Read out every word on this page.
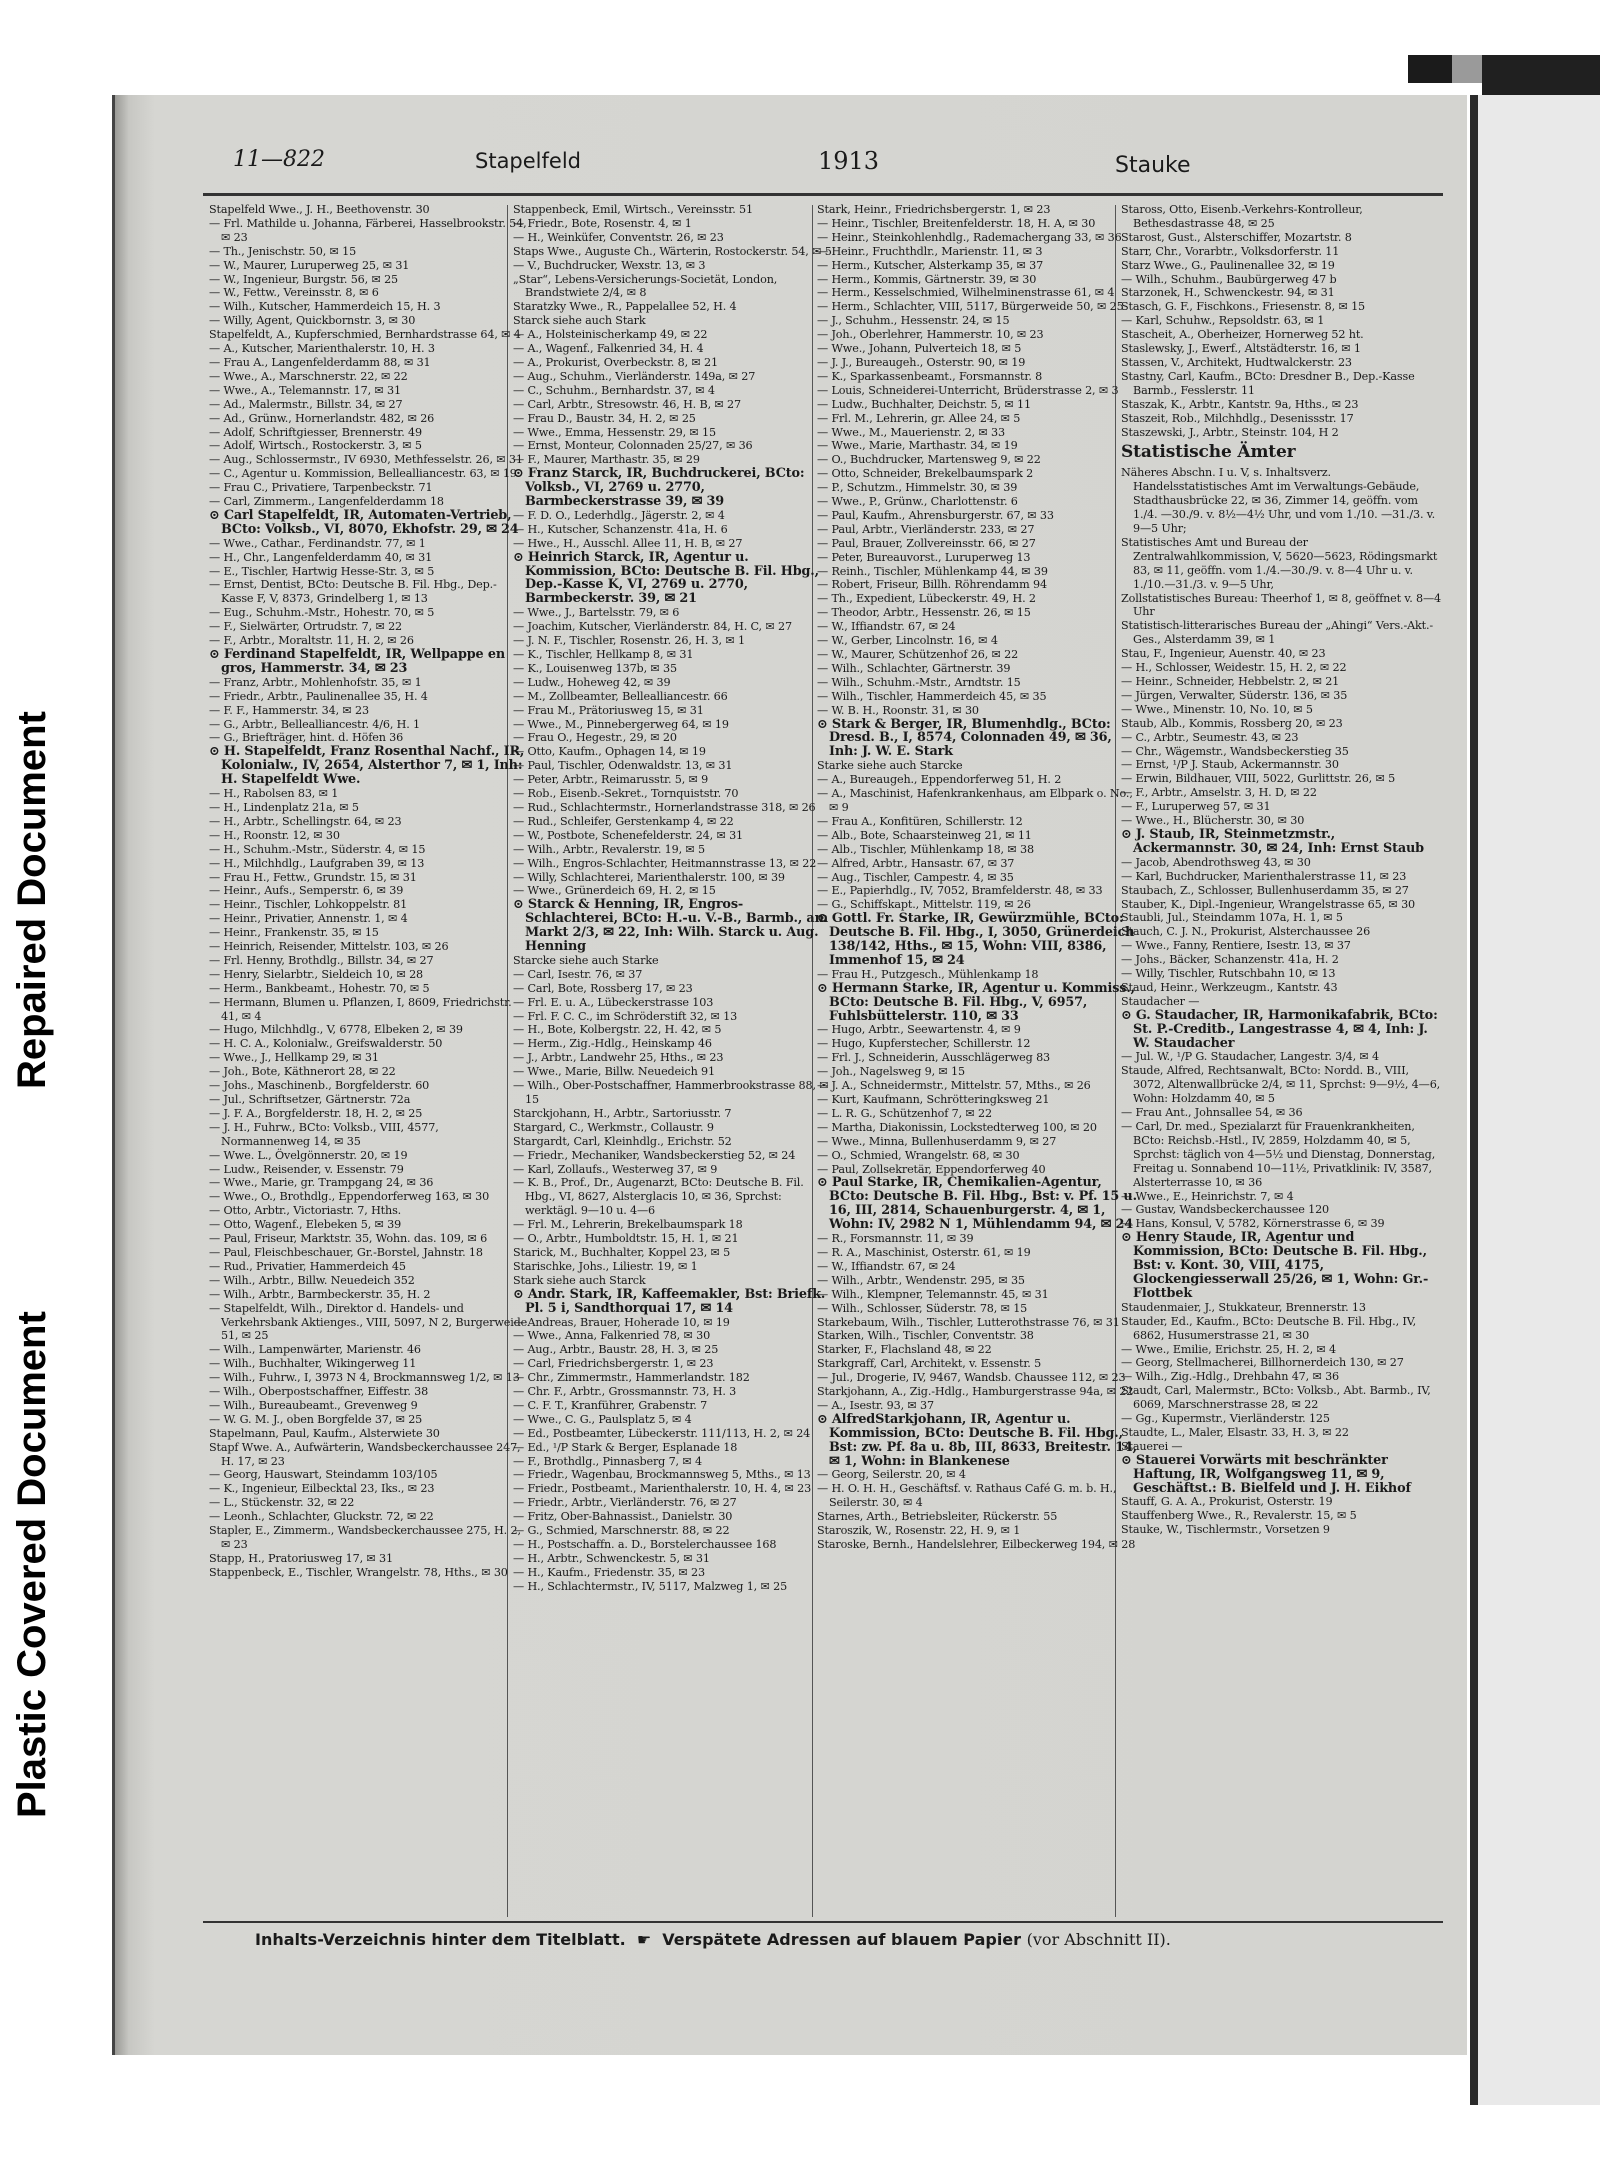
Plastic Covered Document
Repaired Document
11—822	Stapelfeld	1913	Stauke

Stapelfeld Wwe., J. H., Beethovenstr. 30

— Frl. Mathilde u. Johanna, Färberei, Hasselbrookstr. 54, ✉ 23

— Th., Jenischstr. 50, ✉ 15

— W., Maurer, Luruperweg 25, ✉ 31

— W., Ingenieur, Burgstr. 56, ✉ 25

— W., Fettw., Vereinsstr. 8, ✉ 6

— Wilh., Kutscher, Hammerdeich 15, H. 3

— Willy, Agent, Quickbornstr. 3, ✉ 30

Stapelfeldt, A., Kupferschmied, Bernhardstrasse 64, ✉ 4

— A., Kutscher, Marienthalerstr. 10, H. 3

— Frau A., Langenfelderdamm 88, ✉ 31

— Wwe., A., Marschnerstr. 22, ✉ 22

— Wwe., A., Telemannstr. 17, ✉ 31

— Ad., Malermstr., Billstr. 34, ✉ 27

— Ad., Grünw., Hornerlandstr. 482, ✉ 26

— Adolf, Schriftgiesser, Brennerstr. 49

— Adolf, Wirtsch., Rostockerstr. 3, ✉ 5

— Aug., Schlossermstr., IV 6930, Methfesselstr. 26, ✉ 31

— C., Agentur u. Kommission, Bellealliancestr. 63, ✉ 19

— Frau C., Privatiere, Tarpenbeckstr. 71

— Carl, Zimmerm., Langenfelderdamm 18

⊙ Carl Stapelfeldt, IR, Automaten-Vertrieb, BCto: Volksb., VI, 8070, Ekhofstr. 29, ✉ 24

— Wwe., Cathar., Ferdinandstr. 77, ✉ 1

— H., Chr., Langenfelderdamm 40, ✉ 31

— E., Tischler, Hartwig Hesse-Str. 3, ✉ 5

— Ernst, Dentist, BCto: Deutsche B. Fil. Hbg., Dep.-Kasse F, V, 8373, Grindelberg 1, ✉ 13

— Eug., Schuhm.-Mstr., Hohestr. 70, ✉ 5

— F., Sielwärter, Ortrudstr. 7, ✉ 22

— F., Arbtr., Moraltstr. 11, H. 2, ✉ 26

⊙ Ferdinand Stapelfeldt, IR, Wellpappe en gros, Hammerstr. 34, ✉ 23

— Franz, Arbtr., Mohlenhofstr. 35, ✉ 1

— Friedr., Arbtr., Paulinenallee 35, H. 4

— F. F., Hammerstr. 34, ✉ 23

— G., Arbtr., Bellealliancestr. 4/6, H. 1

— G., Briefträger, hint. d. Höfen 36

⊙ H. Stapelfeldt, Franz Rosenthal Nachf., IR, Kolonialw., IV, 2654, Alsterthor 7, ✉ 1, Inh: H. Stapelfeldt Wwe.

— H., Rabolsen 83, ✉ 1

— H., Lindenplatz 21a, ✉ 5

— H., Arbtr., Schellingstr. 64, ✉ 23

— H., Roonstr. 12, ✉ 30

— H., Schuhm.-Mstr., Süderstr. 4, ✉ 15

— H., Milchhdlg., Laufgraben 39, ✉ 13

— Frau H., Fettw., Grundstr. 15, ✉ 31

— Heinr., Aufs., Semperstr. 6, ✉ 39

— Heinr., Tischler, Lohkoppelstr. 81

— Heinr., Privatier, Annenstr. 1, ✉ 4

— Heinr., Frankenstr. 35, ✉ 15

— Heinrich, Reisender, Mittelstr. 103, ✉ 26

— Frl. Henny, Brothdlg., Billstr. 34, ✉ 27

— Henry, Sielarbtr., Sieldeich 10, ✉ 28

— Herm., Bankbeamt., Hohestr. 70, ✉ 5

— Hermann, Blumen u. Pflanzen, I, 8609, Friedrichstr. 41, ✉ 4

— Hugo, Milchhdlg., V, 6778, Elbeken 2, ✉ 39

— H. C. A., Kolonialw., Greifswalderstr. 50

— Wwe., J., Hellkamp 29, ✉ 31

— Joh., Bote, Käthnerort 28, ✉ 22

— Johs., Maschinenb., Borgfelderstr. 60

— Jul., Schriftsetzer, Gärtnerstr. 72a

— J. F. A., Borgfelderstr. 18, H. 2, ✉ 25

— J. H., Fuhrw., BCto: Volksb., VIII, 4577, Normannenweg 14, ✉ 35

— Wwe. L., Övelgönnerstr. 20, ✉ 19

— Ludw., Reisender, v. Essenstr. 79

— Wwe., Marie, gr. Trampgang 24, ✉ 36

— Wwe., O., Brothdlg., Eppendorferweg 163, ✉ 30

— Otto, Arbtr., Victoriastr. 7, Hths.

— Otto, Wagenf., Elebeken 5, ✉ 39

— Paul, Friseur, Marktstr. 35, Wohn. das. 109, ✉ 6

— Paul, Fleischbeschauer, Gr.-Borstel, Jahnstr. 18

— Rud., Privatier, Hammerdeich 45

— Wilh., Arbtr., Billw. Neuedeich 352

— Wilh., Arbtr., Barmbeckerstr. 35, H. 2

— Stapelfeldt, Wilh., Direktor d. Handels- und Verkehrsbank Aktienges., VIII, 5097, N 2, Burgerweide 51, ✉ 25

— Wilh., Lampenwärter, Marienstr. 46

— Wilh., Buchhalter, Wikingerweg 11

— Wilh., Fuhrw., I, 3973 N 4, Brockmannsweg 1/2, ✉ 13

— Wilh., Oberpostschaffner, Eiffestr. 38

— Wilh., Bureaubeamt., Grevenweg 9

— W. G. M. J., oben Borgfelde 37, ✉ 25

Stapelmann, Paul, Kaufm., Alsterwiete 30

Stapf Wwe. A., Aufwärterin, Wandsbeckerchaussee 247, H. 17, ✉ 23

— Georg, Hauswart, Steindamm 103/105

— K., Ingenieur, Eilbecktal 23, Iks., ✉ 23

— L., Stückenstr. 32, ✉ 22

— Leonh., Schlachter, Gluckstr. 72, ✉ 22

Stapler, E., Zimmerm., Wandsbeckerchaussee 275, H. 2, ✉ 23

Stapp, H., Pratoriusweg 17, ✉ 31

Stappenbeck, E., Tischler, Wrangelstr. 78, Hths., ✉ 30

Stappenbeck, Emil, Wirtsch., Vereinsstr. 51

— Friedr., Bote, Rosenstr. 4, ✉ 1

— H., Weinküfer, Conventstr. 26, ✉ 23

Staps Wwe., Auguste Ch., Wärterin, Rostockerstr. 54, ✉ 5

— V., Buchdrucker, Wexstr. 13, ✉ 3

„Star“, Lebens-Versicherungs-Societät, London, Brandstwiete 2/4, ✉ 8

Staratzky Wwe., R., Pappelallee 52, H. 4

Starck siehe auch Stark

— A., Holsteinischerkamp 49, ✉ 22

— A., Wagenf., Falkenried 34, H. 4

— A., Prokurist, Overbeckstr. 8, ✉ 21

— Aug., Schuhm., Vierländerstr. 149a, ✉ 27

— C., Schuhm., Bernhardstr. 37, ✉ 4

— Carl, Arbtr., Stresowstr. 46, H. B, ✉ 27

— Frau D., Baustr. 34, H. 2, ✉ 25

— Wwe., Emma, Hessenstr. 29, ✉ 15

— Ernst, Monteur, Colonnaden 25/27, ✉ 36

— F., Maurer, Marthastr. 35, ✉ 29

⊙ Franz Starck, IR, Buchdruckerei, BCto: Volksb., VI, 2769 u. 2770, Barmbeckerstrasse 39, ✉ 39

— F. D. O., Lederhdlg., Jägerstr. 2, ✉ 4

— H., Kutscher, Schanzenstr. 41a, H. 6

— Hwe., H., Ausschl. Allee 11, H. B, ✉ 27

⊙ Heinrich Starck, IR, Agentur u. Kommission, BCto: Deutsche B. Fil. Hbg., Dep.-Kasse K, VI, 2769 u. 2770, Barmbeckerstr. 39, ✉ 21

— Wwe., J., Bartelsstr. 79, ✉ 6

— Joachim, Kutscher, Vierländerstr. 84, H. C, ✉ 27

— J. N. F., Tischler, Rosenstr. 26, H. 3, ✉ 1

— K., Tischler, Hellkamp 8, ✉ 31

— K., Louisenweg 137b, ✉ 35

— Ludw., Hoheweg 42, ✉ 39

— M., Zollbeamter, Bellealliancestr. 66

— Frau M., Prätoriusweg 15, ✉ 31

— Wwe., M., Pinnebergerweg 64, ✉ 19

— Frau O., Hegestr., 29, ✉ 20

— Otto, Kaufm., Ophagen 14, ✉ 19

— Paul, Tischler, Odenwaldstr. 13, ✉ 31

— Peter, Arbtr., Reimarusstr. 5, ✉ 9

— Rob., Eisenb.-Sekret., Tornquiststr. 70

— Rud., Schlachtermstr., Hornerlandstrasse 318, ✉ 26

— Rud., Schleifer, Gerstenkamp 4, ✉ 22

— W., Postbote, Schenefelderstr. 24, ✉ 31

— Wilh., Arbtr., Revalerstr. 19, ✉ 5

— Wilh., Engros-Schlachter, Heitmannstrasse 13, ✉ 22

— Willy, Schlachterei, Marienthalerstr. 100, ✉ 39

— Wwe., Grünerdeich 69, H. 2, ✉ 15

⊙ Starck & Henning, IR, Engros-Schlachterei, BCto: H.-u. V.-B., Barmb., am Markt 2/3, ✉ 22, Inh: Wilh. Starck u. Aug. Henning

Starcke siehe auch Starke

— Carl, Isestr. 76, ✉ 37

— Carl, Bote, Rossberg 17, ✉ 23

— Frl. E. u. A., Lübeckerstrasse 103

— Frl. F. C. C., im Schröderstift 32, ✉ 13

— H., Bote, Kolbergstr. 22, H. 42, ✉ 5

— Herm., Zig.-Hdlg., Heinskamp 46

— J., Arbtr., Landwehr 25, Hths., ✉ 23

— Wwe., Marie, Billw. Neuedeich 91

— Wilh., Ober-Postschaffner, Hammerbrookstrasse 88, ✉ 15

Starckjohann, H., Arbtr., Sartoriusstr. 7

Stargard, C., Werkmstr., Collaustr. 9

Stargardt, Carl, Kleinhdlg., Erichstr. 52

— Friedr., Mechaniker, Wandsbeckerstieg 52, ✉ 24

— Karl, Zollaufs., Westerweg 37, ✉ 9

— K. B., Prof., Dr., Augenarzt, BCto: Deutsche B. Fil. Hbg., VI, 8627, Alsterglacis 10, ✉ 36, Sprchst: werktägl. 9—10 u. 4—6

— Frl. M., Lehrerin, Brekelbaumspark 18

— O., Arbtr., Humboldtstr. 15, H. 1, ✉ 21

Starick, M., Buchhalter, Koppel 23, ✉ 5

Starischke, Johs., Liliestr. 19, ✉ 1

Stark siehe auch Starck

⊙ Andr. Stark, IR, Kaffeemakler, Bst: Briefk. Pl. 5 i, Sandthorquai 17, ✉ 14

— Andreas, Brauer, Hoherade 10, ✉ 19

— Wwe., Anna, Falkenried 78, ✉ 30

— Aug., Arbtr., Baustr. 28, H. 3, ✉ 25

— Carl, Friedrichsbergerstr. 1, ✉ 23

— Chr., Zimmermstr., Hammerlandstr. 182

— Chr. F., Arbtr., Grossmannstr. 73, H. 3

— C. F. T., Kranführer, Grabenstr. 7

— Wwe., C. G., Paulsplatz 5, ✉ 4

— Ed., Postbeamter, Lübeckerstr. 111/113, H. 2, ✉ 24

— Ed., ¹/P Stark & Berger, Esplanade 18

— F., Brothdlg., Pinnasberg 7, ✉ 4

— Friedr., Wagenbau, Brockmannsweg 5, Mths., ✉ 13

— Friedr., Postbeamt., Marienthalerstr. 10, H. 4, ✉ 23

— Friedr., Arbtr., Vierländerstr. 76, ✉ 27

— Fritz, Ober-Bahnassist., Danielstr. 30

— G., Schmied, Marschnerstr. 88, ✉ 22

— H., Postschaffn. a. D., Borstelerchaussee 168

— H., Arbtr., Schwenckestr. 5, ✉ 31

— H., Kaufm., Friedenstr. 35, ✉ 23

— H., Schlachtermstr., IV, 5117, Malzweg 1, ✉ 25

Stark, Heinr., Friedrichsbergerstr. 1, ✉ 23

— Heinr., Tischler, Breitenfelderstr. 18, H. A, ✉ 30

— Heinr., Steinkohlenhdlg., Rademachergang 33, ✉ 36

— Heinr., Fruchthdlr., Marienstr. 11, ✉ 3

— Herm., Kutscher, Alsterkamp 35, ✉ 37

— Herm., Kommis, Gärtnerstr. 39, ✉ 30

— Herm., Kesselschmied, Wilhelminenstrasse 61, ✉ 4

— Herm., Schlachter, VIII, 5117, Bürgerweide 50, ✉ 25

— J., Schuhm., Hessenstr. 24, ✉ 15

— Joh., Oberlehrer, Hammerstr. 10, ✉ 23

— Wwe., Johann, Pulverteich 18, ✉ 5

— J. J., Bureaugeh., Osterstr. 90, ✉ 19

— K., Sparkassenbeamt., Forsmannstr. 8

— Louis, Schneiderei-Unterricht, Brüderstrasse 2, ✉ 3

— Ludw., Buchhalter, Deichstr. 5, ✉ 11

— Frl. M., Lehrerin, gr. Allee 24, ✉ 5

— Wwe., M., Mauerienstr. 2, ✉ 33

— Wwe., Marie, Marthastr. 34, ✉ 19

— O., Buchdrucker, Martensweg 9, ✉ 22

— Otto, Schneider, Brekelbaumspark 2

— P., Schutzm., Himmelstr. 30, ✉ 39

— Wwe., P., Grünw., Charlottenstr. 6

— Paul, Kaufm., Ahrensburgerstr. 67, ✉ 33

— Paul, Arbtr., Vierländerstr. 233, ✉ 27

— Paul, Brauer, Zollvereinsstr. 66, ✉ 27

— Peter, Bureauvorst., Luruperweg 13

— Reinh., Tischler, Mühlenkamp 44, ✉ 39

— Robert, Friseur, Billh. Röhrendamm 94

— Th., Expedient, Lübeckerstr. 49, H. 2

— Theodor, Arbtr., Hessenstr. 26, ✉ 15

— W., Iffiandstr. 67, ✉ 24

— W., Gerber, Lincolnstr. 16, ✉ 4

— W., Maurer, Schützenhof 26, ✉ 22

— Wilh., Schlachter, Gärtnerstr. 39

— Wilh., Schuhm.-Mstr., Arndtstr. 15

— Wilh., Tischler, Hammerdeich 45, ✉ 35

— W. B. H., Roonstr. 31, ✉ 30

⊙ Stark & Berger, IR, Blumenhdlg., BCto: Dresd. B., I, 8574, Colonnaden 49, ✉ 36, Inh: J. W. E. Stark

Starke siehe auch Starcke

— A., Bureaugeh., Eppendorferweg 51, H. 2

— A., Maschinist, Hafenkrankenhaus, am Elbpark o. No., ✉ 9

— Frau A., Konfitüren, Schillerstr. 12

— Alb., Bote, Schaarsteinweg 21, ✉ 11

— Alb., Tischler, Mühlenkamp 18, ✉ 38

— Alfred, Arbtr., Hansastr. 67, ✉ 37

— Aug., Tischler, Campestr. 4, ✉ 35

— E., Papierhdlg., IV, 7052, Bramfelderstr. 48, ✉ 33

— G., Schiffskapt., Mittelstr. 119, ✉ 26

⊙ Gottl. Fr. Starke, IR, Gewürzmühle, BCto: Deutsche B. Fil. Hbg., I, 3050, Grünerdeich 138/142, Hths., ✉ 15, Wohn: VIII, 8386, Immenhof 15, ✉ 24

— Frau H., Putzgesch., Mühlenkamp 18

⊙ Hermann Starke, IR, Agentur u. Kommiss., BCto: Deutsche B. Fil. Hbg., V, 6957, Fuhlsbüttelerstr. 110, ✉ 33

— Hugo, Arbtr., Seewartenstr. 4, ✉ 9

— Hugo, Kupferstecher, Schillerstr. 12

— Frl. J., Schneiderin, Ausschlägerweg 83

— Joh., Nagelsweg 9, ✉ 15

— J. A., Schneidermstr., Mittelstr. 57, Mths., ✉ 26

— Kurt, Kaufmann, Schrötteringksweg 21

— L. R. G., Schützenhof 7, ✉ 22

— Martha, Diakonissin, Lockstedterweg 100, ✉ 20

— Wwe., Minna, Bullenhuserdamm 9, ✉ 27

— O., Schmied, Wrangelstr. 68, ✉ 30

— Paul, Zollsekretär, Eppendorferweg 40

⊙ Paul Starke, IR, Chemikalien-Agentur, BCto: Deutsche B. Fil. Hbg., Bst: v. Pf. 15 u. 16, III, 2814, Schauenburgerstr. 4, ✉ 1, Wohn: IV, 2982 N 1, Mühlendamm 94, ✉ 24

— R., Forsmannstr. 11, ✉ 39

— R. A., Maschinist, Osterstr. 61, ✉ 19

— W., Iffiandstr. 67, ✉ 24

— Wilh., Arbtr., Wendenstr. 295, ✉ 35

— Wilh., Klempner, Telemannstr. 45, ✉ 31

— Wilh., Schlosser, Süderstr. 78, ✉ 15

Starkebaum, Wilh., Tischler, Lutterothstrasse 76, ✉ 31

Starken, Wilh., Tischler, Conventstr. 38

Starker, F., Flachsland 48, ✉ 22

Starkgraff, Carl, Architekt, v. Essenstr. 5

— Jul., Drogerie, IV, 9467, Wandsb. Chaussee 112, ✉ 23

Starkjohann, A., Zig.-Hdlg., Hamburgerstrasse 94a, ✉ 22

— A., Isestr. 93, ✉ 37

⊙ AlfredStarkjohann, IR, Agentur u. Kommission, BCto: Deutsche B. Fil. Hbg., Bst: zw. Pf. 8a u. 8b, III, 8633, Breitestr. 14, ✉ 1, Wohn: in Blankenese

— Georg, Seilerstr. 20, ✉ 4

— H. O. H. H., Geschäftsf. v. Rathaus Café G. m. b. H., Seilerstr. 30, ✉ 4

Starnes, Arth., Betriebsleiter, Rückerstr. 55

Staroszik, W., Rosenstr. 22, H. 9, ✉ 1

Staroske, Bernh., Handelslehrer, Eilbeckerweg 194, ✉ 28

Staross, Otto, Eisenb.-Verkehrs-Kontrolleur, Bethesdastrasse 48, ✉ 25

Starost, Gust., Alsterschiffer, Mozartstr. 8

Starr, Chr., Vorarbtr., Volksdorferstr. 11

Starz Wwe., G., Paulinenallee 32, ✉ 19

— Wilh., Schuhm., Baubürgerweg 47 b

Starzonek, H., Schwenckestr. 94, ✉ 31

Stasch, G. F., Fischkons., Friesenstr. 8, ✉ 15

— Karl, Schuhw., Repsoldstr. 63, ✉ 1

Stascheit, A., Oberheizer, Hornerweg 52 ht.

Staslewsky, J., Ewerf., Altstädterstr. 16, ✉ 1

Stassen, V., Architekt, Hudtwalckerstr. 23

Stastny, Carl, Kaufm., BCto: Dresdner B., Dep.-Kasse Barmb., Fesslerstr. 11

Staszak, K., Arbtr., Kantstr. 9a, Hths., ✉ 23

Staszeit, Rob., Milchhdlg., Desenissstr. 17

Staszewski, J., Arbtr., Steinstr. 104, H 2

Statistische Ämter

Näheres Abschn. I u. V, s. Inhaltsverz. Handelsstatistisches Amt im Verwaltungs-Gebäude, Stadthausbrücke 22, ✉ 36, Zimmer 14, geöffn. vom 1./4. —30./9. v. 8½—4½ Uhr, und vom 1./10. —31./3. v. 9—5 Uhr;

Statistisches Amt und Bureau der Zentralwahlkommission, V, 5620—5623, Rödingsmarkt 83, ✉ 11, geöffn. vom 1./4.—30./9. v. 8—4 Uhr u. v. 1./10.—31./3. v. 9—5 Uhr,

Zollstatistisches Bureau: Theerhof 1, ✉ 8, geöffnet v. 8—4 Uhr

Statistisch-litterarisches Bureau der „Ahingi“ Vers.-Akt.-Ges., Alsterdamm 39, ✉ 1

Stau, F., Ingenieur, Auenstr. 40, ✉ 23

— H., Schlosser, Weidestr. 15, H. 2, ✉ 22

— Heinr., Schneider, Hebbelstr. 2, ✉ 21

— Jürgen, Verwalter, Süderstr. 136, ✉ 35

— Wwe., Minenstr. 10, No. 10, ✉ 5

Staub, Alb., Kommis, Rossberg 20, ✉ 23

— C., Arbtr., Seumestr. 43, ✉ 23

— Chr., Wägemstr., Wandsbeckerstieg 35

— Ernst, ¹/P J. Staub, Ackermannstr. 30

— Erwin, Bildhauer, VIII, 5022, Gurlittstr. 26, ✉ 5

— F., Arbtr., Amselstr. 3, H. D, ✉ 22

— F., Luruperweg 57, ✉ 31

— Wwe., H., Blücherstr. 30, ✉ 30

⊙ J. Staub, IR, Steinmetzmstr., Ackermannstr. 30, ✉ 24, Inh: Ernst Staub

— Jacob, Abendrothsweg 43, ✉ 30

— Karl, Buchdrucker, Marienthalerstrasse 11, ✉ 23

Staubach, Z., Schlosser, Bullenhuserdamm 35, ✉ 27

Stauber, K., Dipl.-Ingenieur, Wrangelstrasse 65, ✉ 30

Staubli, Jul., Steindamm 107a, H. 1, ✉ 5

Stauch, C. J. N., Prokurist, Alsterchaussee 26

— Wwe., Fanny, Rentiere, Isestr. 13, ✉ 37

— Johs., Bäcker, Schanzenstr. 41a, H. 2

— Willy, Tischler, Rutschbahn 10, ✉ 13

Staud, Heinr., Werkzeugm., Kantstr. 43

Staudacher —

⊙ G. Staudacher, IR, Harmonikafabrik, BCto: St. P.-Creditb., Langestrasse 4, ✉ 4, Inh: J. W. Staudacher

— Jul. W., ¹/P G. Staudacher, Langestr. 3/4, ✉ 4

Staude, Alfred, Rechtsanwalt, BCto: Nordd. B., VIII, 3072, Altenwallbrücke 2/4, ✉ 11, Sprchst: 9—9½, 4—6, Wohn: Holzdamm 40, ✉ 5

— Frau Ant., Johnsallee 54, ✉ 36

— Carl, Dr. med., Spezialarzt für Frauenkrankheiten, BCto: Reichsb.-Hstl., IV, 2859, Holzdamm 40, ✉ 5, Sprchst: täglich von 4—5½ und Dienstag, Donnerstag, Freitag u. Sonnabend 10—11½, Privatklinik: IV, 3587, Alsterterrasse 10, ✉ 36

— Wwe., E., Heinrichstr. 7, ✉ 4

— Gustav, Wandsbeckerchaussee 120

— Hans, Konsul, V, 5782, Körnerstrasse 6, ✉ 39

⊙ Henry Staude, IR, Agentur und Kommission, BCto: Deutsche B. Fil. Hbg., Bst: v. Kont. 30, VIII, 4175, Glockengiesserwall 25/26, ✉ 1, Wohn: Gr.-Flottbek

Staudenmaier, J., Stukkateur, Brennerstr. 13

Stauder, Ed., Kaufm., BCto: Deutsche B. Fil. Hbg., IV, 6862, Husumerstrasse 21, ✉ 30

— Wwe., Emilie, Erichstr. 25, H. 2, ✉ 4

— Georg, Stellmacherei, Billhornerdeich 130, ✉ 27

— Wilh., Zig.-Hdlg., Drehbahn 47, ✉ 36

Staudt, Carl, Malermstr., BCto: Volksb., Abt. Barmb., IV, 6069, Marschnerstrasse 28, ✉ 22

— Gg., Kupermstr., Vierländerstr. 125

Staudte, L., Maler, Elsastr. 33, H. 3, ✉ 22

Stauerei —

⊙ Stauerei Vorwärts mit beschränkter Haftung, IR, Wolfgangsweg 11, ✉ 9, Geschäftst.: B. Bielfeld und J. H. Eikhof

Stauff, G. A. A., Prokurist, Osterstr. 19

Stauffenberg Wwe., R., Revalerstr. 15, ✉ 5

Stauke, W., Tischlermstr., Vorsetzen 9

Inhalts-Verzeichnis hinter dem Titelblatt. ☛ Verspätete Adressen auf blauem Papier (vor Abschnitt II).
